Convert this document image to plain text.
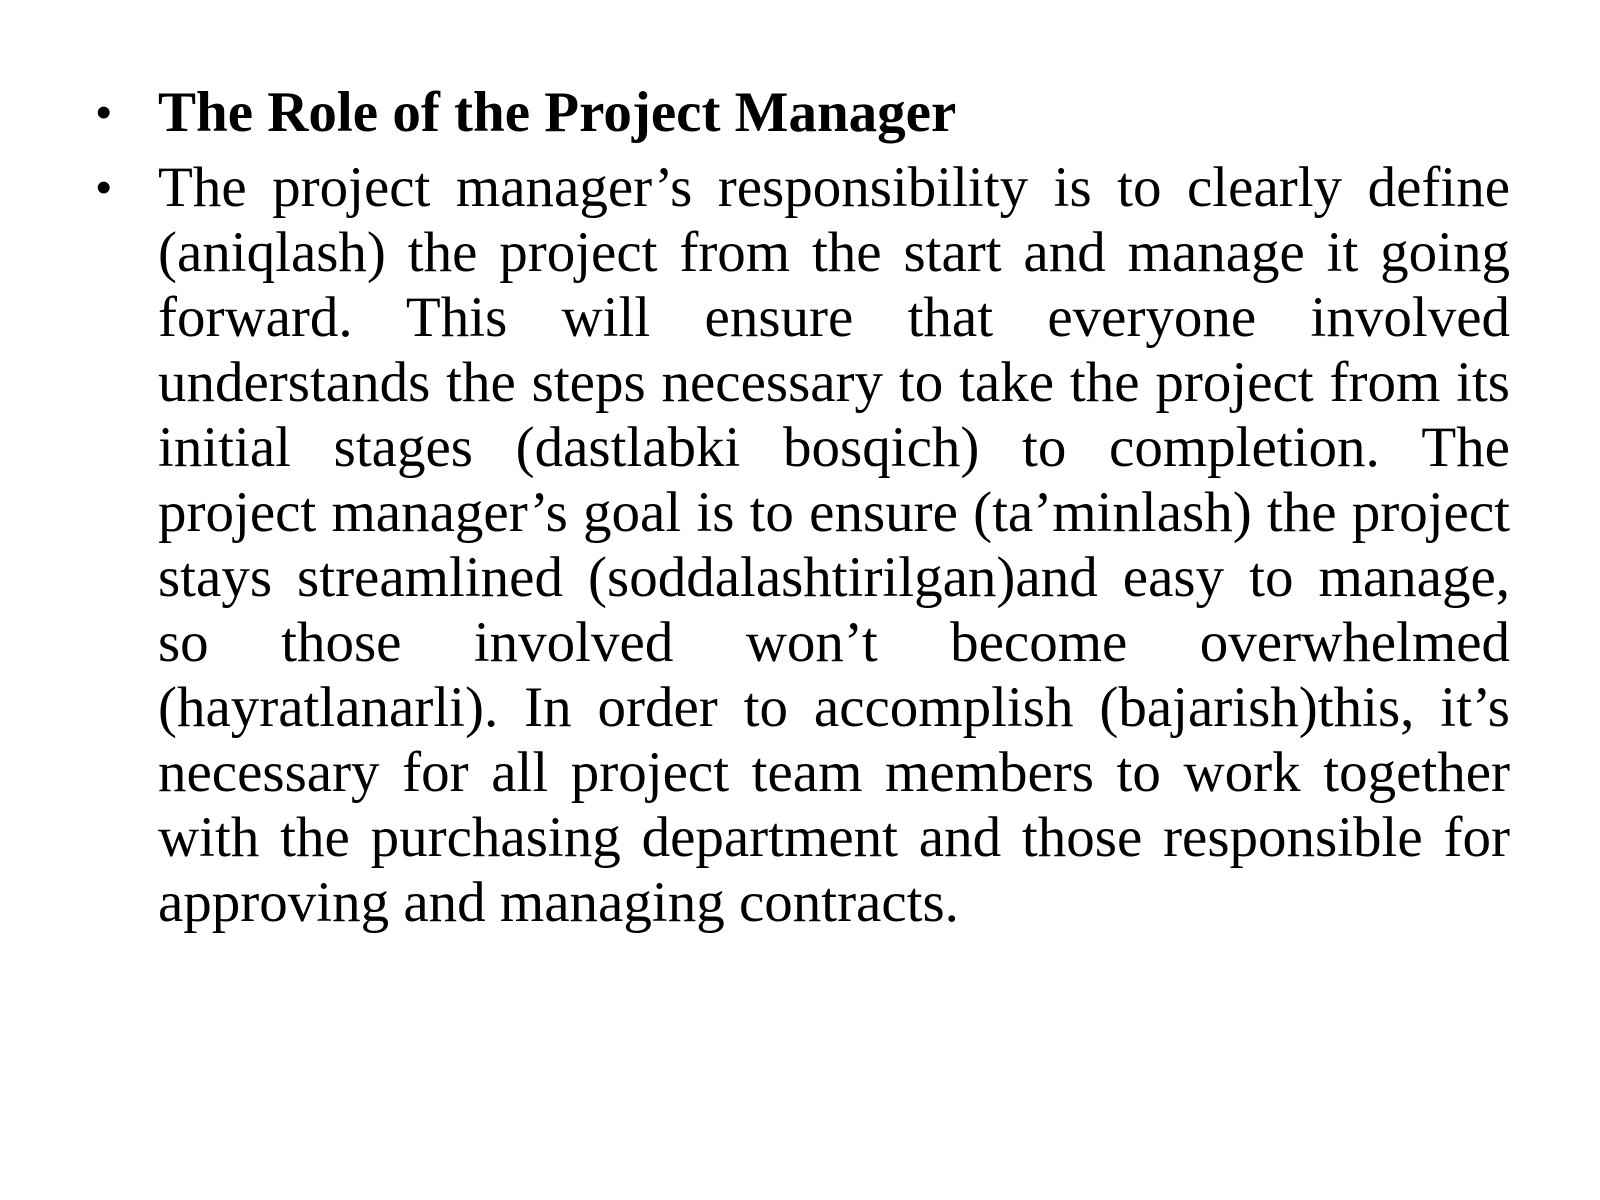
• The Role of the Project Manager
• The project manager’s responsibility is to clearly define (aniqlash) the project from the start and manage it going forward. This will ensure that everyone involved understands the steps necessary to take the project from its initial stages (dastlabki bosqich) to completion. The project manager’s goal is to ensure (ta’minlash) the project stays streamlined (soddalashtirilgan)and easy to manage, so those involved won’t become overwhelmed (hayratlanarli). In order to accomplish (bajarish)this, it’s necessary for all project team members to work together with the purchasing department and those responsible for approving and managing contracts.
